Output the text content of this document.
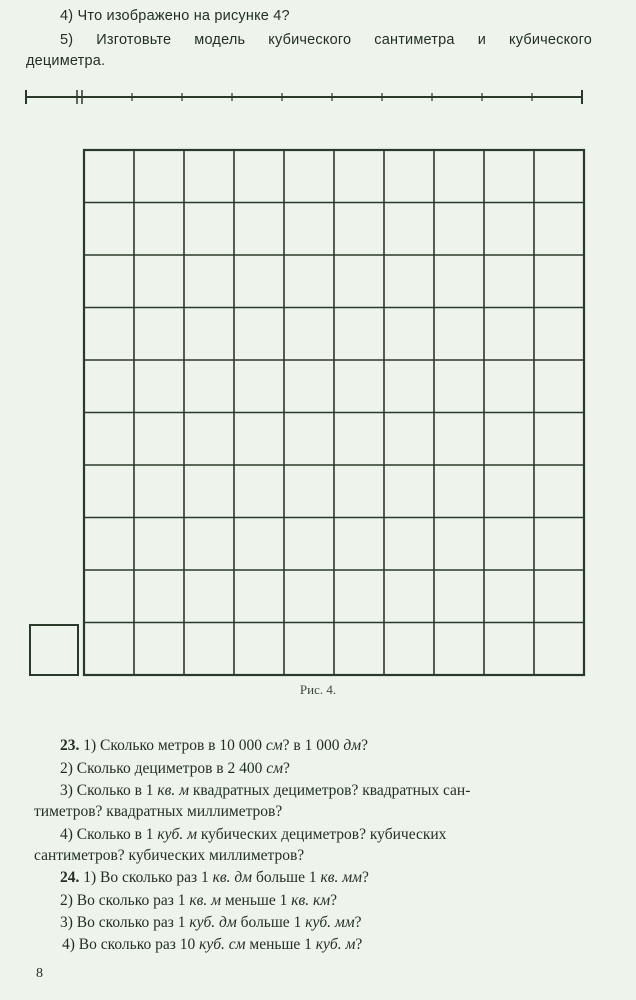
4) Что изображено на рисунке 4?
5) Изготовьте модель кубического сантиметра и кубического
дециметра.
Рис. 4.
23. 1) Сколько метров в 10 000 см? в 1 000 дм?
2) Сколько дециметров в 2 400 см?
3) Сколько в 1 кв. м квадратных дециметров? квадратных сан-
тиметров? квадратных миллиметров?
4) Сколько в 1 куб. м кубических дециметров? кубических
сантиметров? кубических миллиметров?
24. 1) Во сколько раз 1 кв. дм больше 1 кв. мм?
2) Во сколько раз 1 кв. м меньше 1 кв. км?
3) Во сколько раз 1 куб. дм больше 1 куб. мм?
4) Во сколько раз 10 куб. см меньше 1 куб. м?
8
